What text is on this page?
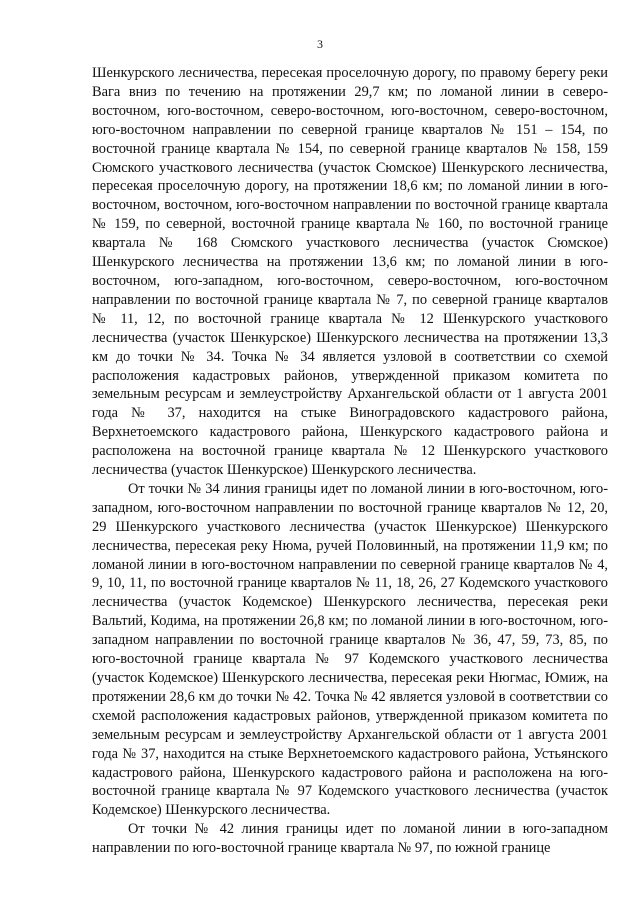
3

Шенкурского лесничества, пересекая проселочную дорогу, по правому берегу реки Вага вниз по течению на протяжении 29,7 км; по ломаной линии в северо-восточном, юго-восточном, северо-восточном, юго-восточном, северо-восточном, юго-восточном направлении по северной границе кварталов № 151 – 154, по восточной границе квартала № 154, по северной границе кварталов № 158, 159 Сюмского участкового лесничества (участок Сюмское) Шенкурского лесничества, пересекая проселочную дорогу, на протяжении 18,6 км; по ломаной линии в юго-восточном, восточном, юго-восточном направлении по восточной границе квартала № 159, по северной, восточной границе квартала № 160, по восточной границе квартала № 168 Сюмского участкового лесничества (участок Сюмское) Шенкурского лесничества на протяжении 13,6 км; по ломаной линии в юго-восточном, юго-западном, юго-восточном, северо-восточном, юго-восточном направлении по восточной границе квартала № 7, по северной границе кварталов № 11, 12, по восточной границе квартала № 12 Шенкурского участкового лесничества (участок Шенкурское) Шенкурского лесничества на протяжении 13,3 км до точки № 34. Точка № 34 является узловой в соответствии со схемой расположения кадастровых районов, утвержденной приказом комитета по земельным ресурсам и землеустройству Архангельской области от 1 августа 2001 года № 37, находится на стыке Виноградовского кадастрового района, Верхнетоемского кадастрового района, Шенкурского кадастрового района и расположена на восточной границе квартала № 12 Шенкурского участкового лесничества (участок Шенкурское) Шенкурского лесничества.

От точки № 34 линия границы идет по ломаной линии в юго-восточном, юго-западном, юго-восточном направлении по восточной границе кварталов № 12, 20, 29 Шенкурского участкового лесничества (участок Шенкурское) Шенкурского лесничества, пересекая реку Нюма, ручей Половинный, на протяжении 11,9 км; по ломаной линии в юго-восточном направлении по северной границе кварталов № 4, 9, 10, 11, по восточной границе кварталов № 11, 18, 26, 27 Кодемского участкового лесничества (участок Кодемское) Шенкурского лесничества, пересекая реки Вальтий, Кодима, на протяжении 26,8 км; по ломаной линии в юго-восточном, юго-западном направлении по восточной границе кварталов № 36, 47, 59, 73, 85, по юго-восточной границе квартала № 97 Кодемского участкового лесничества (участок Кодемское) Шенкурского лесничества, пересекая реки Нюгмас, Юмиж, на протяжении 28,6 км до точки № 42. Точка № 42 является узловой в соответствии со схемой расположения кадастровых районов, утвержденной приказом комитета по земельным ресурсам и землеустройству Архангельской области от 1 августа 2001 года № 37, находится на стыке Верхнетоемского кадастрового района, Устьянского кадастрового района, Шенкурского кадастрового района и расположена на юго-восточной границе квартала № 97 Кодемского участкового лесничества (участок Кодемское) Шенкурского лесничества.

От точки № 42 линия границы идет по ломаной линии в юго-западном направлении по юго-восточной границе квартала № 97, по южной границе
